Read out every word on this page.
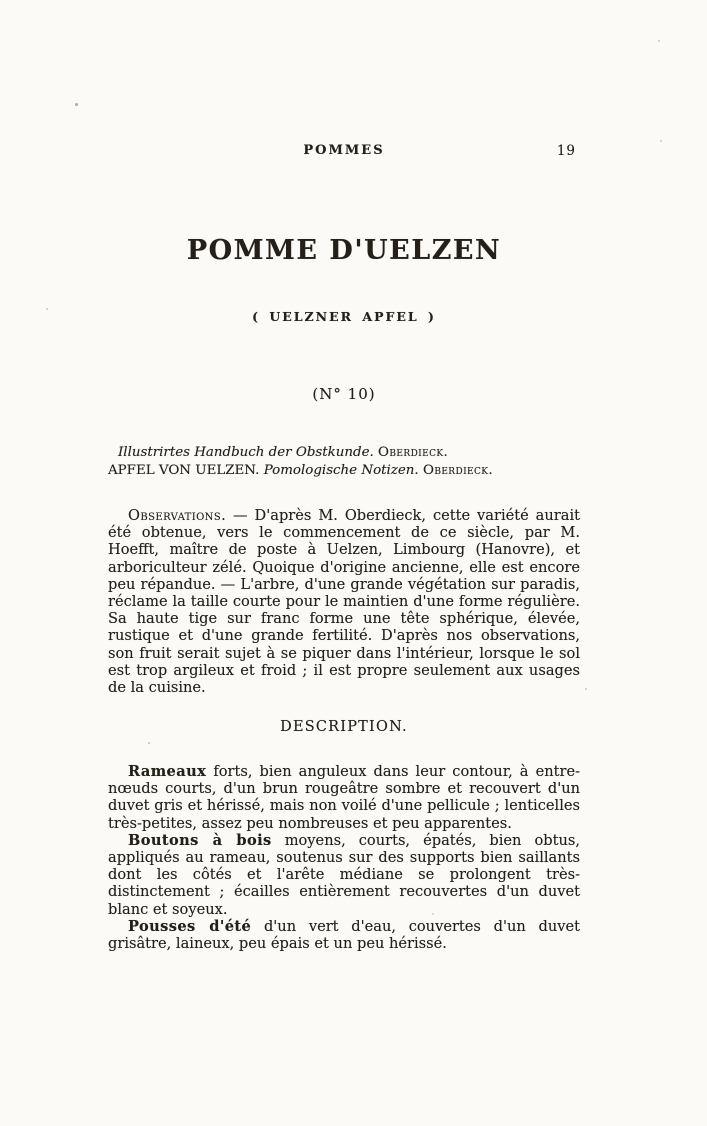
POMMES	19
POMME D'UELZEN
( UELZNER APFEL )
(N° 10)
Illustrirtes Handbuch der Obstkunde. Oberdieck.
APFEL VON UELZEN. Pomologische Notizen. Oberdieck.

Observations. — D'après M. Oberdieck, cette variété aurait été obtenue, vers le commencement de ce siècle, par M. Hoefft, maître de poste à Uelzen, Limbourg (Hanovre), et arboriculteur zélé. Quoique d'origine ancienne, elle est encore peu répandue. — L'arbre, d'une grande végétation sur paradis, réclame la taille courte pour le maintien d'une forme régulière. Sa haute tige sur franc forme une tête sphérique, élevée, rustique et d'une grande fertilité. D'après nos observations, son fruit serait sujet à se piquer dans l'intérieur, lorsque le sol est trop argileux et froid ; il est propre seulement aux usages de la cuisine.

DESCRIPTION.

Rameaux forts, bien anguleux dans leur contour, à entre-nœuds courts, d'un brun rougeâtre sombre et recouvert d'un duvet gris et hérissé, mais non voilé d'une pellicule ; lenticelles très-petites, assez peu nombreuses et peu apparentes.

Boutons à bois moyens, courts, épatés, bien obtus, appliqués au rameau, soutenus sur des supports bien saillants dont les côtés et l'arête médiane se prolongent très-distinctement ; écailles entièrement recouvertes d'un duvet blanc et soyeux.

Pousses d'été d'un vert d'eau, couvertes d'un duvet grisâtre, laineux, peu épais et un peu hérissé.
